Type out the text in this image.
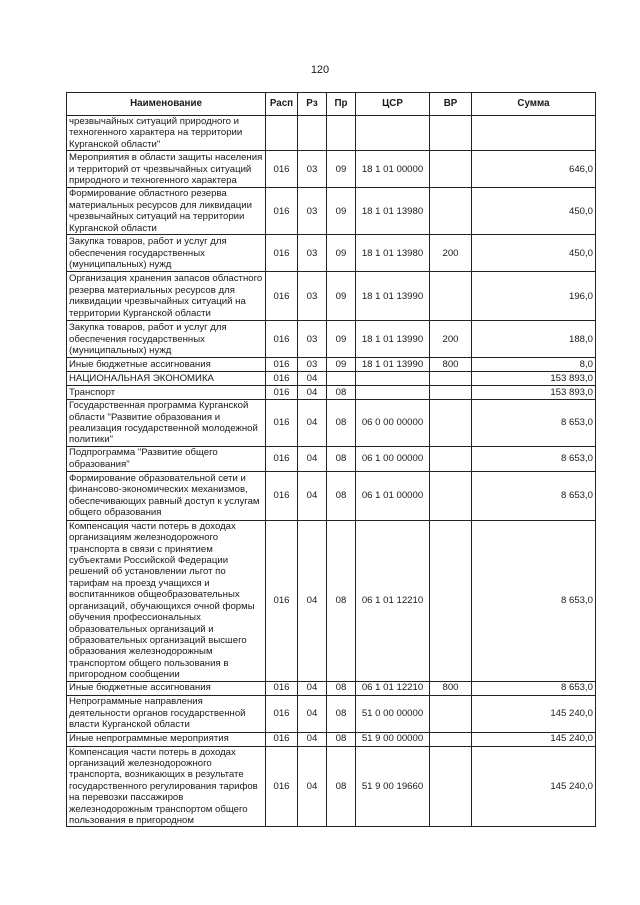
120
Наименование	Расп	Рз	Пр	ЦСР	ВР	Сумма
чрезвычайных ситуаций природного и техногенного характера на территории Курганской области"						
Мероприятия в области защиты населения и территорий от чрезвычайных ситуаций природного и техногенного характера	016	03	09	18 1 01 00000		646,0
Формирование областного резерва материальных ресурсов для ликвидации чрезвычайных ситуаций на территории Курганской области	016	03	09	18 1 01 13980		450,0
Закупка товаров, работ и услуг для обеспечения государственных (муниципальных) нужд	016	03	09	18 1 01 13980	200	450,0
Организация хранения запасов областного резерва материальных ресурсов для ликвидации чрезвычайных ситуаций на территории Курганской области	016	03	09	18 1 01 13990		196,0
Закупка товаров, работ и услуг для обеспечения государственных (муниципальных) нужд	016	03	09	18 1 01 13990	200	188,0
Иные бюджетные ассигнования	016	03	09	18 1 01 13990	800	8,0
НАЦИОНАЛЬНАЯ ЭКОНОМИКА	016	04				153 893,0
Транспорт	016	04	08			153 893,0
Государственная программа Курганской области "Развитие образования и реализация государственной молодежной политики"	016	04	08	06 0 00 00000		8 653,0
Подпрограмма "Развитие общего образования"	016	04	08	06 1 00 00000		8 653,0
Формирование образовательной сети и финансово-экономических механизмов, обеспечивающих равный доступ к услугам общего образования	016	04	08	06 1 01 00000		8 653,0
Компенсация части потерь в доходах организациям железнодорожного транспорта в связи с принятием субъектами Российской Федерации решений об установлении льгот по тарифам на проезд учащихся и воспитанников общеобразовательных организаций, обучающихся очной формы обучения профессиональных образовательных организаций и образовательных организаций высшего образования железнодорожным транспортом общего пользования в пригородном сообщении	016	04	08	06 1 01 12210		8 653,0
Иные бюджетные ассигнования	016	04	08	06 1 01 12210	800	8 653,0
Непрограммные направления деятельности органов государственной власти Курганской области	016	04	08	51 0 00 00000		145 240,0
Иные непрограммные мероприятия	016	04	08	51 9 00 00000		145 240,0
Компенсация части потерь в доходах организаций железнодорожного транспорта, возникающих в результате государственного регулирования тарифов на перевозки пассажиров железнодорожным транспортом общего пользования в пригородном	016	04	08	51 9 00 19660		145 240,0
